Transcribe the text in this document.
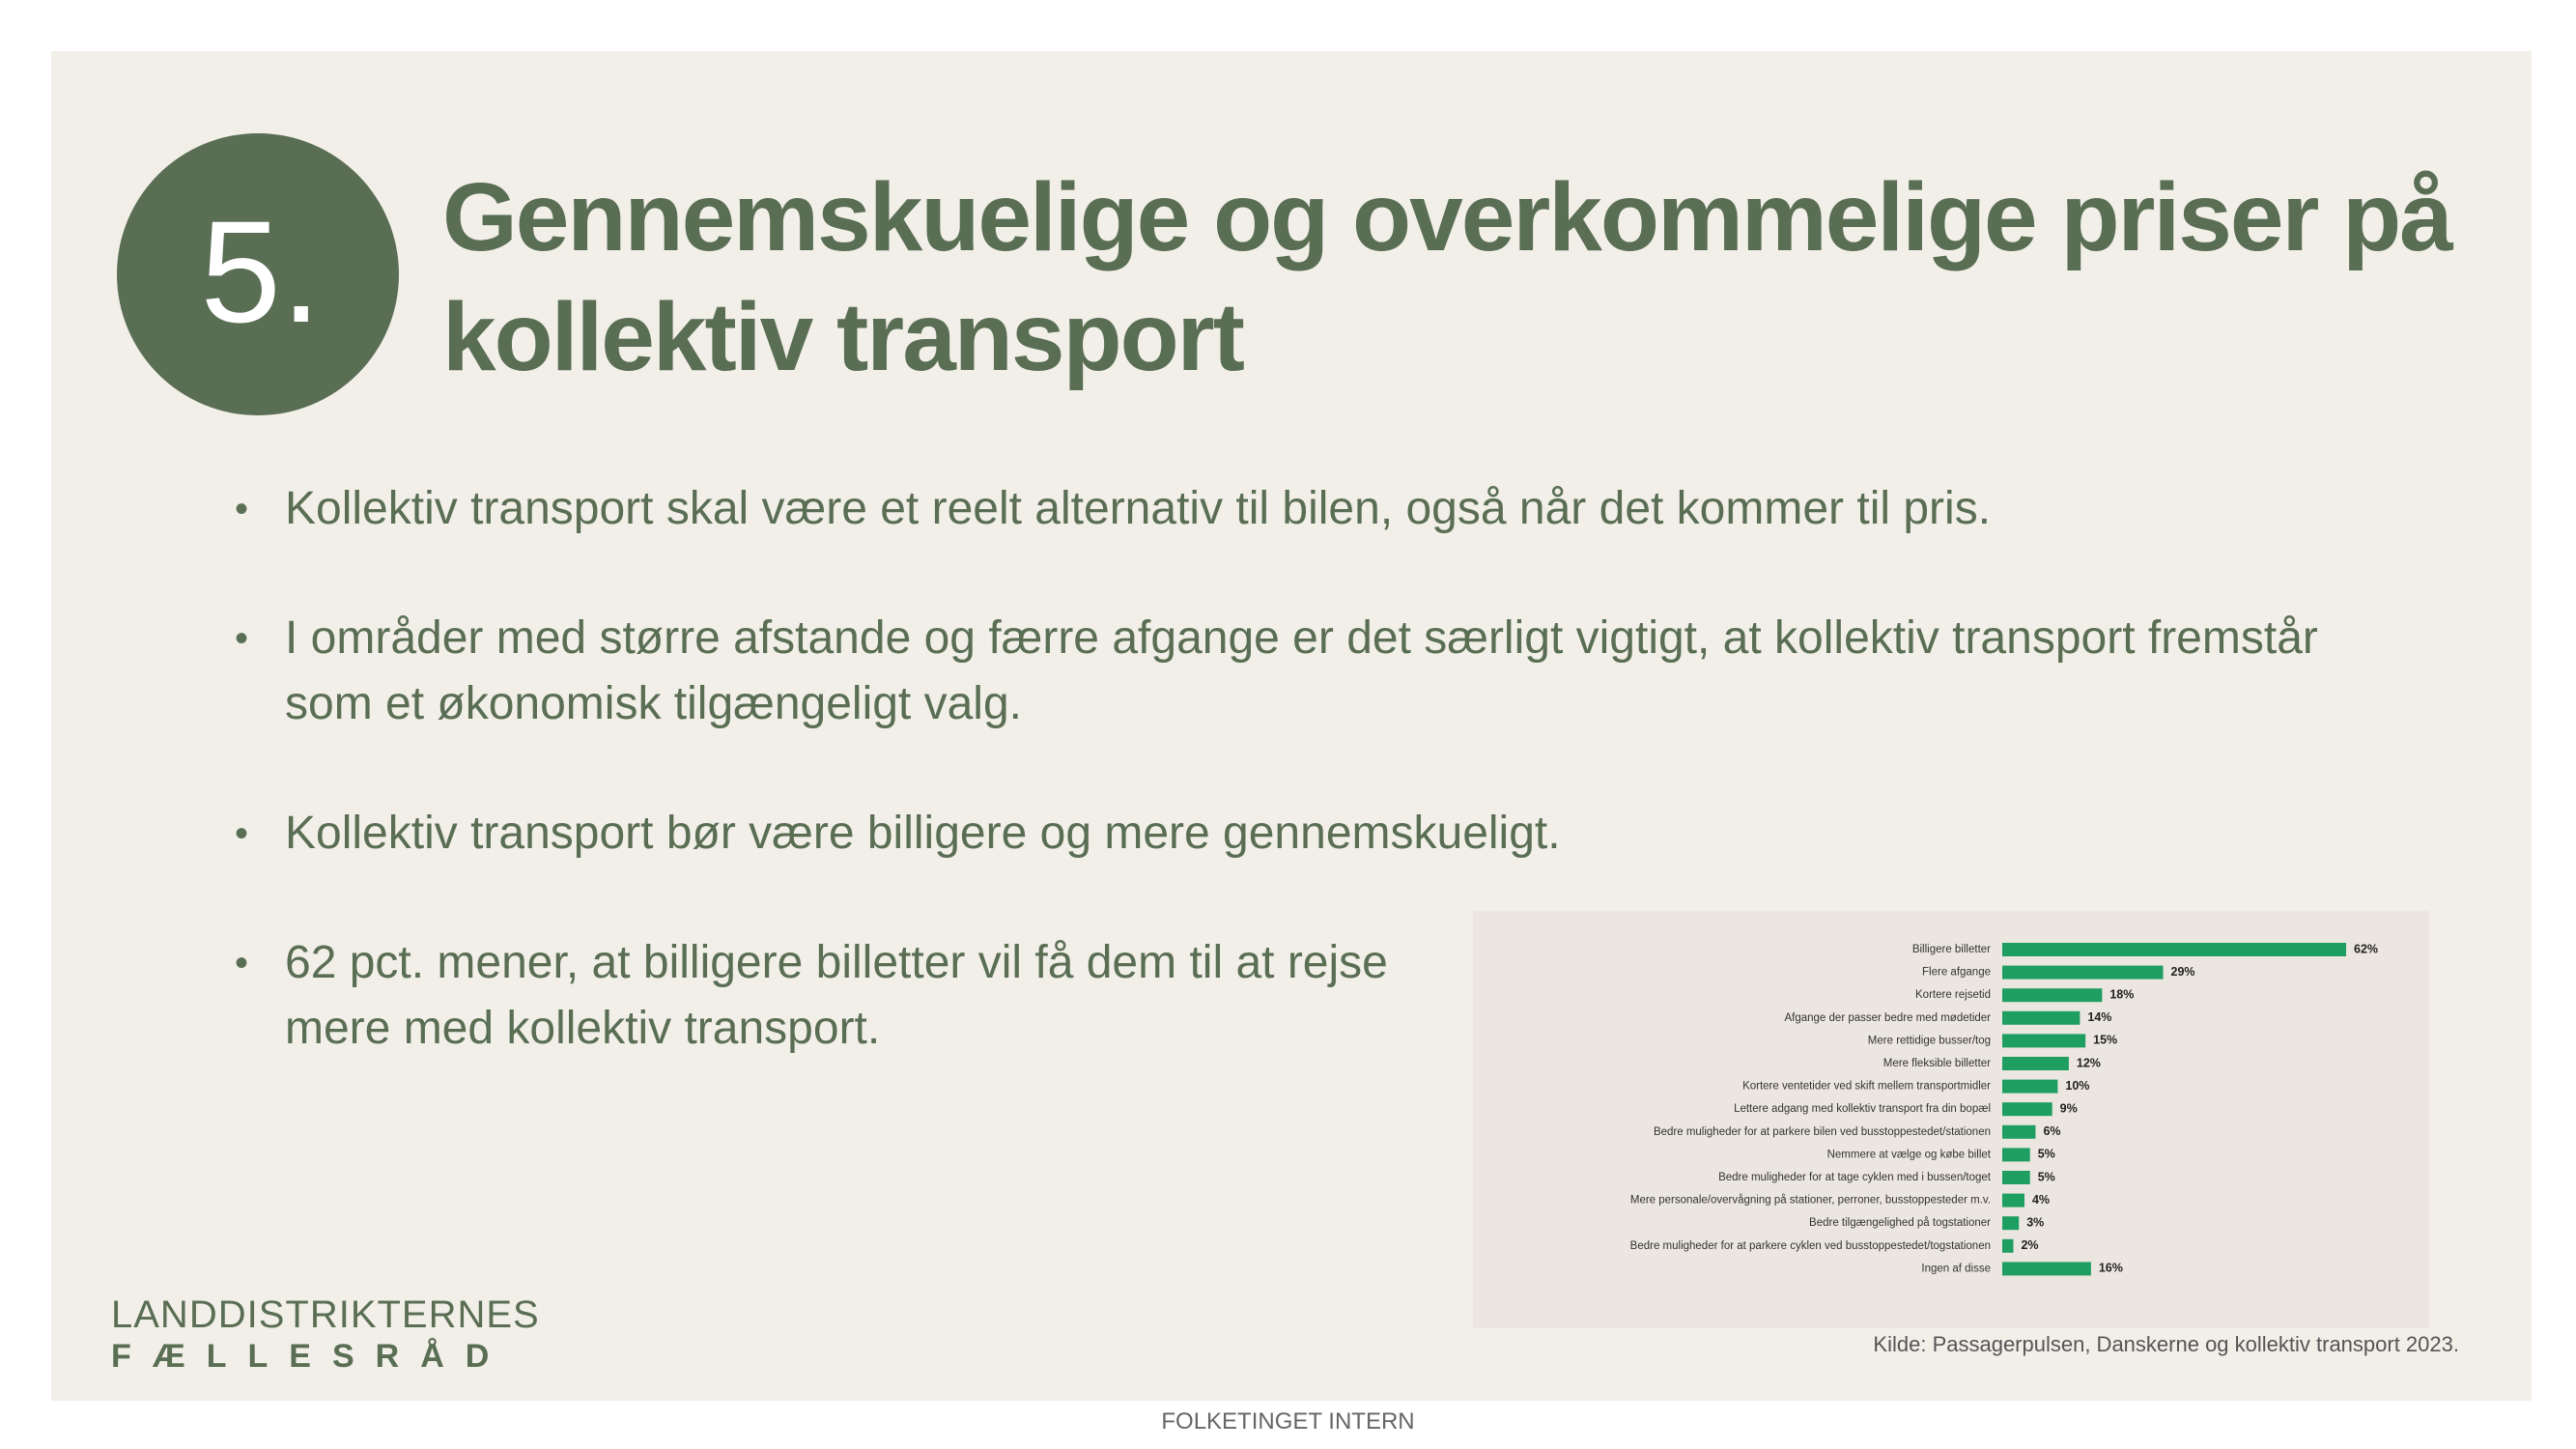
5. Gennemskuelige og overkommelige priser på kollektiv transport
• Kollektiv transport skal være et reelt alternativ til bilen, også når det kommer til pris.
• I områder med større afstande og færre afgange er det særligt vigtigt, at kollektiv transport fremstår som et økonomisk tilgængeligt valg.
• Kollektiv transport bør være billigere og mere gennemskueligt.
• 62 pct. mener, at billigere billetter vil få dem til at rejse mere med kollektiv transport.
Billigere billetter	62%
Flere afgange	29%
Kortere rejsetid	18%
Afgange der passer bedre med mødetider	14%
Mere rettidige busser/tog	15%
Mere fleksible billetter	12%
Kortere ventetider ved skift mellem transportmidler	10%
Lettere adgang med kollektiv transport fra din bopæl	9%
Bedre muligheder for at parkere bilen ved busstoppestedet/stationen	6%
Nemmere at vælge og købe billet	5%
Bedre muligheder for at tage cyklen med i bussen/toget	5%
Mere personale/overvågning på stationer, perroner, busstoppesteder m.v.	4%
Bedre tilgængelighed på togstationer	3%
Bedre muligheder for at parkere cyklen ved busstoppestedet/togstationen	2%
Ingen af disse	16%
Kilde: Passagerpulsen, Danskerne og kollektiv transport 2023.
LANDDISTRIKTERNES
FÆLLESRÅD
FOLKETINGET INTERN
